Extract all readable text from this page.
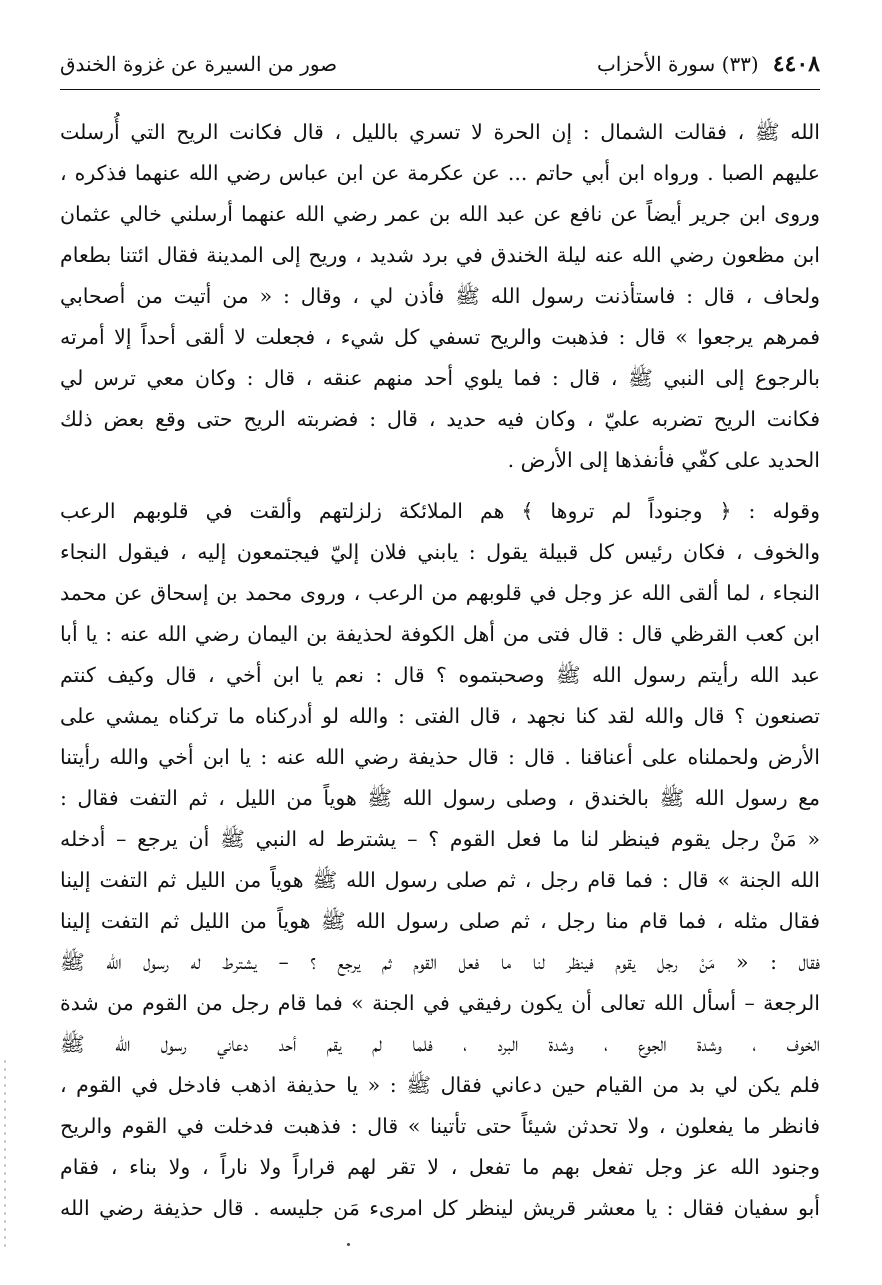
صور من السيرة عن غزوة الخندق	٤٤٠٨
(٣٣) سورة الأحزاب

الله ﷺ ، فقالت الشمال : إن الحرة لا تسري بالليل ، قال فكانت الريح التي أُرسلت
عليهم الصبا . ورواه ابن أبي حاتم ... عن عكرمة عن ابن عباس رضي الله عنهما فذكره ،
وروى ابن جرير أيضاً عن نافع عن عبد الله بن عمر رضي الله عنهما أرسلني خالي عثمان
ابن مظعون رضي الله عنه ليلة الخندق في برد شديد ، وريح إلى المدينة فقال ائتنا بطعام
ولحاف ، قال : فاستأذنت رسول الله ﷺ فأذن لي ، وقال : « من أتيت من أصحابي
فمرهم يرجعوا » قال : فذهبت والريح تسفي كل شيء ، فجعلت لا ألقى أحداً إلا أمرته
بالرجوع إلى النبي ﷺ ، قال : فما يلوي أحد منهم عنقه ، قال : وكان معي ترس لي
فكانت الريح تضربه عليّ ، وكان فيه حديد ، قال : فضربته الريح حتى وقع بعض ذلك
الحديد على كفّي فأنفذها إلى الأرض .

وقوله : ﴿ وجنوداً لم تروها ﴾ هم الملائكة زلزلتهم وألقت في قلوبهم الرعب
والخوف ، فكان رئيس كل قبيلة يقول : يابني فلان إليّ فيجتمعون إليه ، فيقول النجاء
النجاء ، لما ألقى الله عز وجل في قلوبهم من الرعب ، وروى محمد بن إسحاق عن محمد
ابن كعب القرظي قال : قال فتى من أهل الكوفة لحذيفة بن اليمان رضي الله عنه : يا أبا
عبد الله رأيتم رسول الله ﷺ وصحبتموه ؟ قال : نعم يا ابن أخي ، قال وكيف كنتم
تصنعون ؟ قال والله لقد كنا نجهد ، قال الفتى : والله لو أدركناه ما تركناه يمشي على
الأرض ولحملناه على أعناقنا . قال : قال حذيفة رضي الله عنه : يا ابن أخي والله رأيتنا
مع رسول الله ﷺ بالخندق ، وصلى رسول الله ﷺ هوياً من الليل ، ثم التفت فقال :
« مَنْ رجل يقوم فينظر لنا ما فعل القوم ؟ – يشترط له النبي ﷺ أن يرجع – أدخله
الله الجنة » قال : فما قام رجل ، ثم صلى رسول الله ﷺ هوياً من الليل ثم التفت إلينا
فقال مثله ، فما قام منا رجل ، ثم صلى رسول الله ﷺ هوياً من الليل ثم التفت إلينا
فقال : « مَنْ رجل يقوم فينظر لنا ما فعل القوم ثم يرجع ؟ – يشترط له رسول الله ﷺ
الرجعة – أسأل الله تعالى أن يكون رفيقي في الجنة » فما قام رجل من القوم من شدة
الخوف ، وشدة الجوع ، وشدة البرد ، فلما لم يقم أحد دعاني رسول الله ﷺ
فلم يكن لي بد من القيام حين دعاني فقال ﷺ : « يا حذيفة اذهب فادخل في القوم ،
فانظر ما يفعلون ، ولا تحدثن شيئاً حتى تأتينا » قال : فذهبت فدخلت في القوم والريح
وجنود الله عز وجل تفعل بهم ما تفعل ، لا تقر لهم قراراً ولا ناراً ، ولا بناء ، فقام
أبو سفيان فقال : يا معشر قريش لينظر كل امرىء مَن جليسه . قال حذيفة رضي الله
